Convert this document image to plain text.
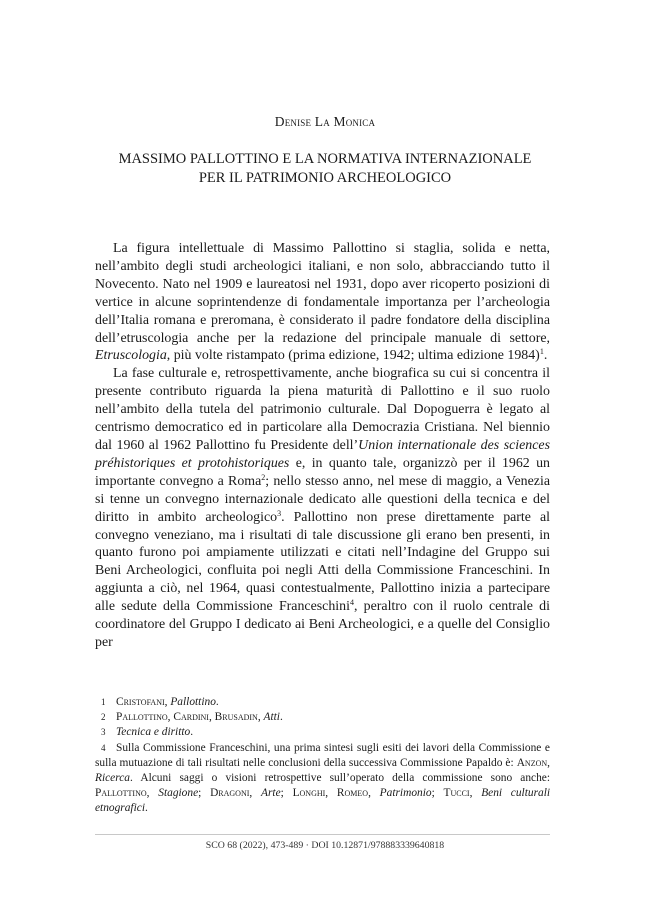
Denise La Monica
MASSIMO PALLOTTINO E LA NORMATIVA INTERNAZIONALE
PER IL PATRIMONIO ARCHEOLOGICO

La figura intellettuale di Massimo Pallottino si staglia, solida e netta, nell’ambito degli studi archeologici italiani, e non solo, abbracciando tutto il Novecento. Nato nel 1909 e laureatosi nel 1931, dopo aver ricoperto posizioni di vertice in alcune soprintendenze di fondamentale importanza per l’archeologia dell’Italia romana e preromana, è considerato il padre fondatore della disciplina dell’etruscologia anche per la redazione del principale manuale di settore, Etruscologia, più volte ristampato (prima edizione, 1942; ultima edizione 1984)$^1$.

La fase culturale e, retrospettivamente, anche biografica su cui si concentra il presente contributo riguarda la piena maturità di Pallottino e il suo ruolo nell’ambito della tutela del patrimonio culturale. Dal Dopoguerra è legato al centrismo democratico ed in particolare alla Democrazia Cristiana. Nel biennio dal 1960 al 1962 Pallottino fu Presidente dell’Union internationale des sciences préhistoriques et protohistoriques e, in quanto tale, organizzò per il 1962 un importante convegno a Roma$^2$; nello stesso anno, nel mese di maggio, a Venezia si tenne un convegno internazionale dedicato alle questioni della tecnica e del diritto in ambito archeologico$^3$. Pallottino non prese direttamente parte al convegno veneziano, ma i risultati di tale discussione gli erano ben presenti, in quanto furono poi ampiamente utilizzati e citati nell’Indagine del Gruppo sui Beni Archeologici, confluita poi negli Atti della Commissione Franceschini. In aggiunta a ciò, nel 1964, quasi contestualmente, Pallottino inizia a partecipare alle sedute della Commissione Franceschini$^4$, peraltro con il ruolo centrale di coordinatore del Gruppo I dedicato ai Beni Archeologici, e a quelle del Consiglio per

1 Cristofani, Pallottino.
2 Pallottino, Cardini, Brusadin, Atti.
3 Tecnica e diritto.
4 Sulla Commissione Franceschini, una prima sintesi sugli esiti dei lavori della Commissione e sulla mutuazione di tali risultati nelle conclusioni della successiva Commissione Papaldo è: Anzon, Ricerca. Alcuni saggi o visioni retrospettive sull’operato della commissione sono anche: Pallottino, Stagione; Dragoni, Arte; Longhi, Romeo, Patrimonio; Tucci, Beni culturali etnografici.
SCO 68 (2022), 473-489 · DOI 10.12871/978883339640818
